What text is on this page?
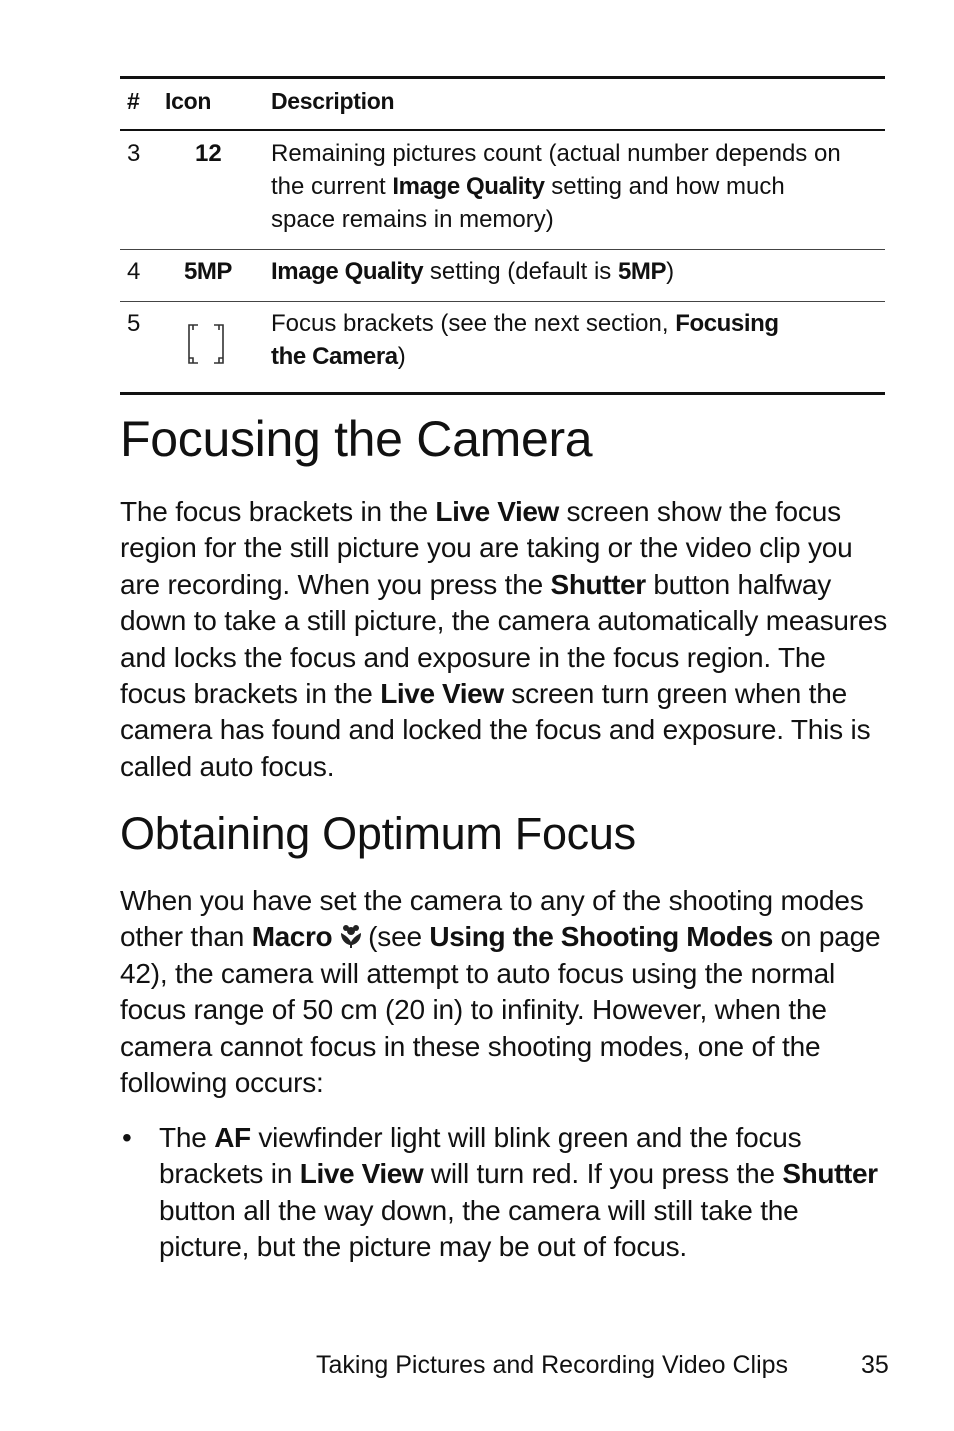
# Icon	Description
3 12	Remaining pictures count (actual number depends on
the current Image Quality setting and how much
space remains in memory)
4 5MP	Image Quality setting (default is 5MP)
5	Focus brackets (see the next section, Focusing
the Camera)
Focusing the Camera

The focus brackets in the Live View screen show the focus region for the still picture you are taking or the video clip you are recording. When you press the Shutter button halfway down to take a still picture, the camera automatically measures and locks the focus and exposure in the focus region. The focus brackets in the Live View screen turn green when the camera has found and locked the focus and exposure. This is called auto focus.

Obtaining Optimum Focus

When you have set the camera to any of the shooting modes other than Macro (see Using the Shooting Modes on page 42), the camera will attempt to auto focus using the normal focus range of 50 cm (20 in) to infinity. However, when the camera cannot focus in these shooting modes, one of the following occurs:

• The AF viewfinder light will blink green and the focus brackets in Live View will turn red. If you press the Shutter button all the way down, the camera will still take the picture, but the picture may be out of focus.
Taking Pictures and Recording Video Clips	35
